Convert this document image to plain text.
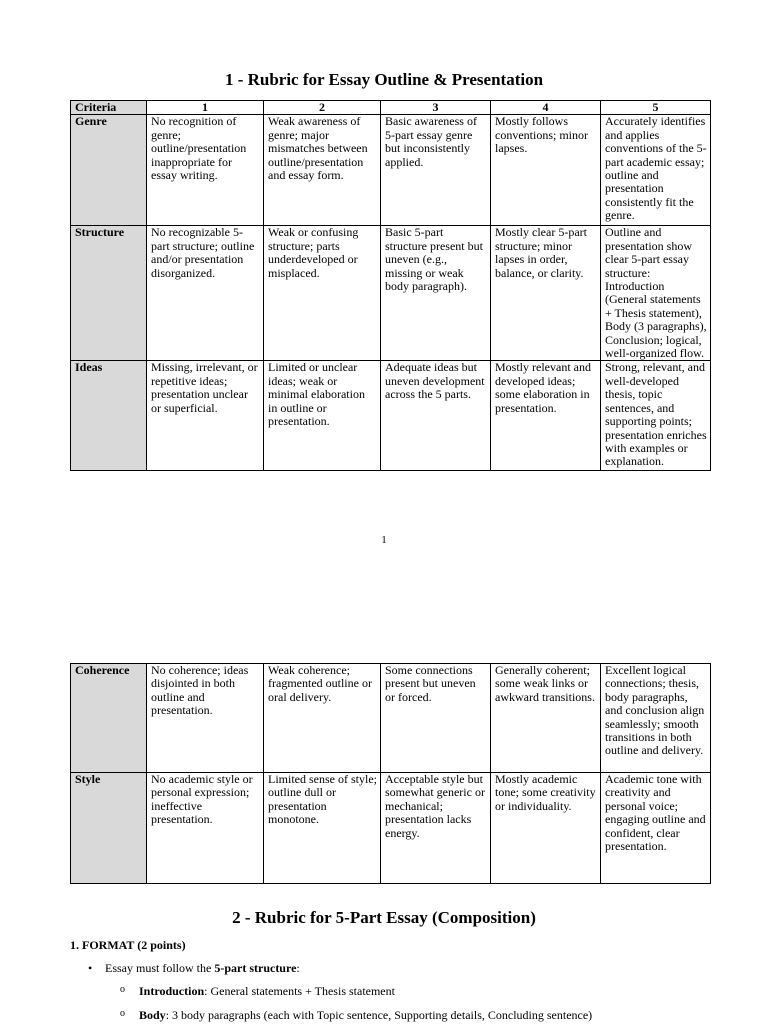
1 - Rubric for Essay Outline & Presentation
Criteria	1	2	3	4	5
Genre	No recognition of genre; outline/presentation inappropriate for essay writing.	Weak awareness of genre; major mismatches between outline/presentation and essay form.	Basic awareness of 5-part essay genre but inconsistently applied.	Mostly follows conventions; minor lapses.	Accurately identifies and applies conventions of the 5-part academic essay; outline and presentation consistently fit the genre.
Structure	No recognizable 5-part structure; outline and/or presentation disorganized.	Weak or confusing structure; parts underdeveloped or misplaced.	Basic 5-part structure present but uneven (e.g., missing or weak body paragraph).	Mostly clear 5-part structure; minor lapses in order, balance, or clarity.	Outline and presentation show clear 5-part essay structure: Introduction (General statements + Thesis statement), Body (3 paragraphs), Conclusion; logical, well-organized flow.
Ideas	Missing, irrelevant, or repetitive ideas; presentation unclear or superficial.	Limited or unclear ideas; weak or minimal elaboration in outline or presentation.	Adequate ideas but uneven development across the 5 parts.	Mostly relevant and developed ideas; some elaboration in presentation.	Strong, relevant, and well-developed thesis, topic sentences, and supporting points; presentation enriches with examples or explanation.
1
Coherence	No coherence; ideas disjointed in both outline and presentation.	Weak coherence; fragmented outline or oral delivery.	Some connections present but uneven or forced.	Generally coherent; some weak links or awkward transitions.	Excellent logical connections; thesis, body paragraphs, and conclusion align seamlessly; smooth transitions in both outline and delivery.
Style	No academic style or personal expression; ineffective presentation.	Limited sense of style; outline dull or presentation monotone.	Acceptable style but somewhat generic or mechanical; presentation lacks energy.	Mostly academic tone; some creativity or individuality.	Academic tone with creativity and personal voice; engaging outline and confident, clear presentation.
2 - Rubric for 5-Part Essay (Composition)
1. FORMAT (2 points)
• Essay must follow the 5-part structure:
o Introduction: General statements + Thesis statement
o Body: 3 body paragraphs (each with Topic sentence, Supporting details, Concluding sentence)
